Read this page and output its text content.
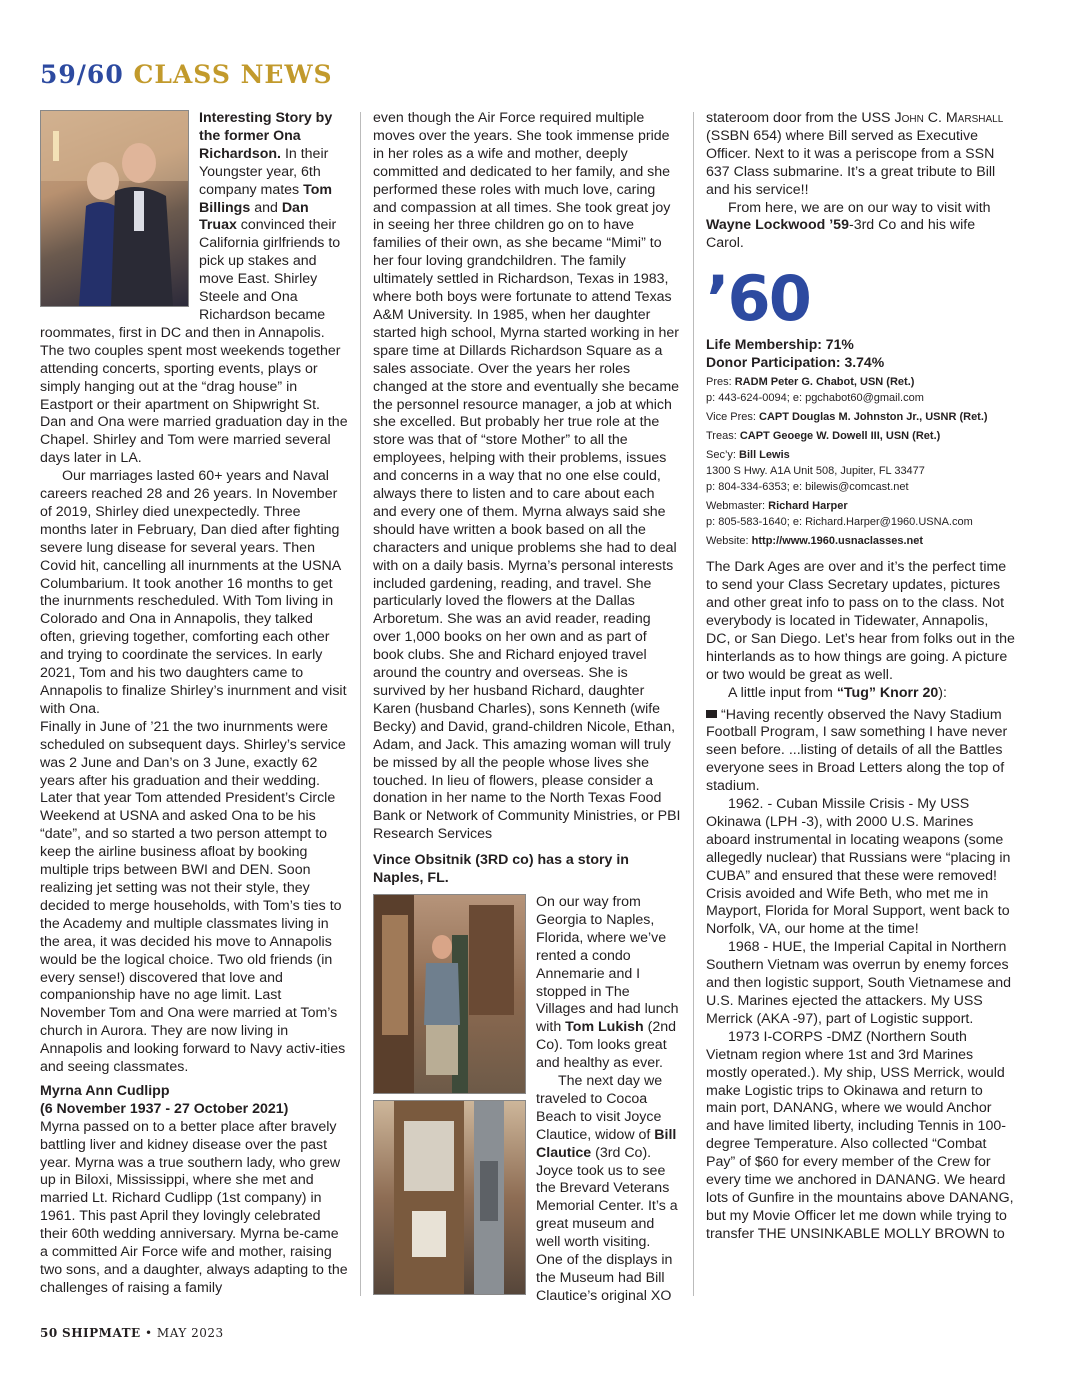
59/60 CLASS NEWS

Interesting Story by the former Ona Richardson. In their Youngster year, 6th company mates Tom Billings and Dan Truax convinced their California girlfriends to pick up stakes and move East. Shirley Steele and Ona Richardson became roommates, first in DC and then in Annapolis. The two couples spent most weekends together attending concerts, sporting events, plays or simply hanging out at the “drag house” in Eastport or their apartment on Shipwright St. Dan and Ona were married graduation day in the Chapel. Shirley and Tom were married several days later in LA.

Our marriages lasted 60+ years and Naval careers reached 28 and 26 years. In November of 2019, Shirley died unexpectedly. Three months later in February, Dan died after fighting severe lung disease for several years. Then Covid hit, cancelling all inurnments at the USNA Columbarium. It took another 16 months to get the inurnments rescheduled. With Tom living in Colorado and Ona in Annapolis, they talked often, grieving together, comforting each other and trying to coordinate the services. In early 2021, Tom and his two daughters came to Annapolis to finalize Shirley’s inurnment and visit with Ona.

Finally in June of ’21 the two inurnments were scheduled on subsequent days. Shirley’s service was 2 June and Dan’s on 3 June, exactly 62 years after his graduation and their wedding. Later that year Tom attended President’s Circle Weekend at USNA and asked Ona to be his “date”, and so started a two person attempt to keep the airline business afloat by booking multiple trips between BWI and DEN. Soon realizing jet setting was not their style, they decided to merge households, with Tom’s ties to the Academy and multiple classmates living in the area, it was decided his move to Annapolis would be the logical choice. Two old friends (in every sense!) discovered that love and companionship have no age limit. Last November Tom and Ona were married at Tom’s church in Aurora. They are now living in Annapolis and looking forward to Navy activ-ities and seeing classmates.

Myrna Ann Cudlipp
(6 November 1937 - 27 October 2021)

Myrna passed on to a better place after bravely battling liver and kidney disease over the past year. Myrna was a true southern lady, who grew up in Biloxi, Mississippi, where she met and married Lt. Richard Cudlipp (1st company) in 1961. This past April they lovingly celebrated their 60th wedding anniversary. Myrna be-came a committed Air Force wife and mother, raising two sons, and a daughter, always adapting to the challenges of raising a family

even though the Air Force required multiple moves over the years. She took immense pride in her roles as a wife and mother, deeply committed and dedicated to her family, and she performed these roles with much love, caring and compassion at all times. She took great joy in seeing her three children go on to have families of their own, as she became “Mimi” to her four loving grandchildren. The family ultimately settled in Richardson, Texas in 1983, where both boys were fortunate to attend Texas A&M University. In 1985, when her daughter started high school, Myrna started working in her spare time at Dillards Richardson Square as a sales associate. Over the years her roles changed at the store and eventually she became the personnel resource manager, a job at which she excelled. But probably her true role at the store was that of “store Mother” to all the employees, helping with their problems, issues and concerns in a way that no one else could, always there to listen and to care about each and every one of them. Myrna always said she should have written a book based on all the characters and unique problems she had to deal with on a daily basis. Myrna’s personal interests included gardening, reading, and travel. She particularly loved the flowers at the Dallas Arboretum. She was an avid reader, reading over 1,000 books on her own and as part of book clubs. She and Richard enjoyed travel around the country and overseas. She is survived by her husband Richard, daughter Karen (husband Charles), sons Kenneth (wife Becky) and David, grand-children Nicole, Ethan, Adam, and Jack. This amazing woman will truly be missed by all the people whose lives she touched. In lieu of flowers, please consider a donation in her name to the North Texas Food Bank or Network of Community Ministries, or PBI Research Services

Vince Obsitnik (3RD co) has a story in Naples, FL.

On our way from Georgia to Naples, Florida, where we’ve rented a condo Annemarie and I stopped in The Villages and had lunch with Tom Lukish (2nd Co). Tom looks great and healthy as ever.

The next day we traveled to Cocoa Beach to visit Joyce Clautice, widow of Bill Clautice (3rd Co). Joyce took us to see the Brevard Veterans Memorial Center. It’s a great museum and well worth visiting. One of the displays in the Museum had Bill Clautice’s original XO

stateroom door from the USS John C. Marshall (SSBN 654) where Bill served as Executive Officer. Next to it was a periscope from a SSN 637 Class submarine. It’s a great tribute to Bill and his service!!

From here, we are on our way to visit with Wayne Lockwood ’59-3rd Co and his wife Carol.

’60
Life Membership: 71%
Donor Participation: 3.74%
Pres: RADM Peter G. Chabot, USN (Ret.)
p: 443-624-0094; e: pgchabot60@gmail.com
Vice Pres: CAPT Douglas M. Johnston Jr., USNR (Ret.)
Treas: CAPT Geoege W. Dowell III, USN (Ret.)
Sec’y: Bill Lewis
1300 S Hwy. A1A Unit 508, Jupiter, FL 33477
p: 804-334-6353; e: bilewis@comcast.net
Webmaster: Richard Harper
p: 805-583-1640; e: Richard.Harper@1960.USNA.com
Website: http://www.1960.usnaclasses.net

The Dark Ages are over and it’s the perfect time to send your Class Secretary updates, pictures and other great info to pass on to the class. Not everybody is located in Tidewater, Annapolis, DC, or San Diego. Let’s hear from folks out in the hinterlands as to how things are going. A picture or two would be great as well.

A little input from “Tug” Knorr 20):

“Having recently observed the Navy Stadium Football Program, I saw something I have never seen before. ...listing of details of all the Battles everyone sees in Broad Letters along the top of stadium.

1962. - Cuban Missile Crisis - My USS Okinawa (LPH -3), with 2000 U.S. Marines aboard instrumental in locating weapons (some allegedly nuclear) that Russians were “placing in CUBA” and ensured that these were removed! Crisis avoided and Wife Beth, who met me in Mayport, Florida for Moral Support, went back to Norfolk, VA, our home at the time!

1968 - HUE, the Imperial Capital in Northern Southern Vietnam was overrun by enemy forces and then logistic support, South Vietnamese and U.S. Marines ejected the attackers. My USS Merrick (AKA -97), part of Logistic support.

1973 I-CORPS -DMZ (Northern South Vietnam region where 1st and 3rd Marines mostly operated.). My ship, USS Merrick, would make Logistic trips to Okinawa and return to main port, DANANG, where we would Anchor and have limited liberty, including Tennis in 100-degree Temperature. Also collected “Combat Pay” of $60 for every member of the Crew for every time we anchored in DANANG. We heard lots of Gunfire in the mountains above DANANG, but my Movie Officer let me down while trying to transfer THE UNSINKABLE MOLLY BROWN to

50 SHIPMATE • MAY 2023
